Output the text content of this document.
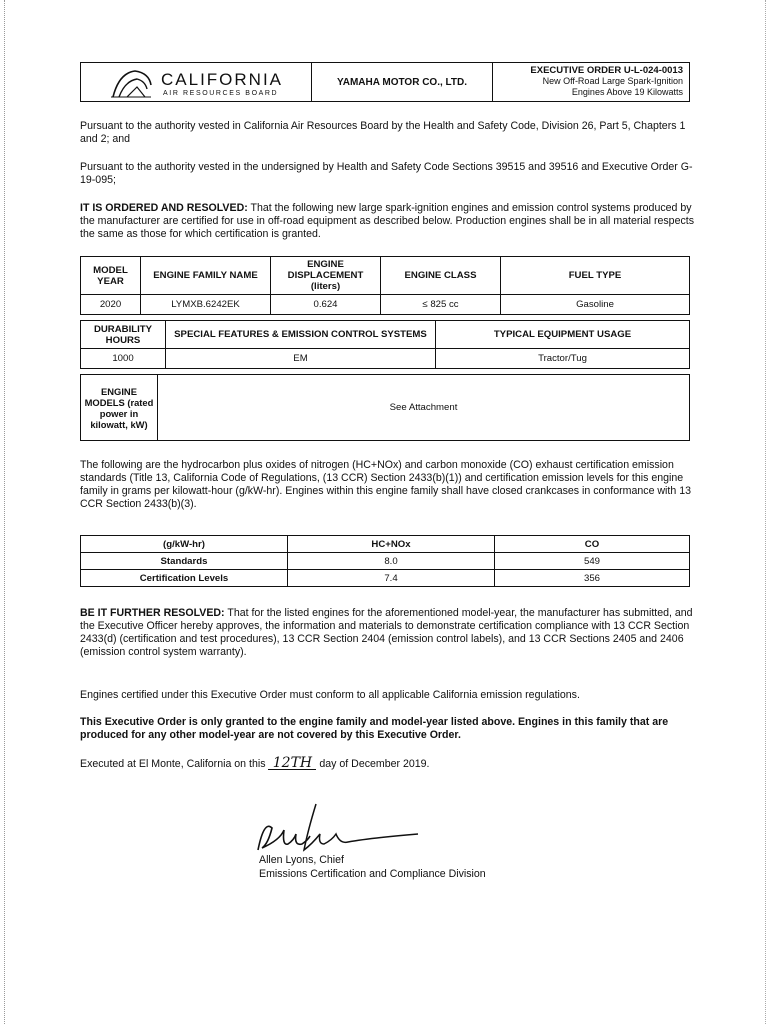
CALIFORNIA
AIR RESOURCES BOARD
YAMAHA MOTOR CO., LTD.
EXECUTIVE ORDER U-L-024-0013
New Off-Road Large Spark-Ignition
Engines Above 19 Kilowatts
Pursuant to the authority vested in California Air Resources Board by the Health and Safety Code, Division 26, Part 5, Chapters 1 and 2; and
Pursuant to the authority vested in the undersigned by Health and Safety Code Sections 39515 and 39516 and Executive Order G-19-095;
IT IS ORDERED AND RESOLVED: That the following new large spark-ignition engines and emission control systems produced by the manufacturer are certified for use in off-road equipment as described below. Production engines shall be in all material respects the same as those for which certification is granted.
MODEL YEAR	ENGINE FAMILY NAME	ENGINE DISPLACEMENT (liters)	ENGINE CLASS	FUEL TYPE
2020	LYMXB.6242EK	0.624	≤ 825 cc	Gasoline
DURABILITY HOURS	SPECIAL FEATURES & EMISSION CONTROL SYSTEMS	TYPICAL EQUIPMENT USAGE
1000	EM	Tractor/Tug
ENGINE MODELS (rated power in kilowatt, kW)	See Attachment
The following are the hydrocarbon plus oxides of nitrogen (HC+NOx) and carbon monoxide (CO) exhaust certification emission standards (Title 13, California Code of Regulations, (13 CCR) Section 2433(b)(1)) and certification emission levels for this engine family in grams per kilowatt-hour (g/kW-hr). Engines within this engine family shall have closed crankcases in conformance with 13 CCR Section 2433(b)(3).
(g/kW-hr)	HC+NOx	CO
Standards	8.0	549
Certification Levels	7.4	356
BE IT FURTHER RESOLVED: That for the listed engines for the aforementioned model-year, the manufacturer has submitted, and the Executive Officer hereby approves, the information and materials to demonstrate certification compliance with 13 CCR Section 2433(d) (certification and test procedures), 13 CCR Section 2404 (emission control labels), and 13 CCR Sections 2405 and 2406 (emission control system warranty).
Engines certified under this Executive Order must conform to all applicable California emission regulations.
This Executive Order is only granted to the engine family and model-year listed above. Engines in this family that are produced for any other model-year are not covered by this Executive Order.
Executed at El Monte, California on this 12TH day of December 2019.
Allen Lyons, Chief
Emissions Certification and Compliance Division
